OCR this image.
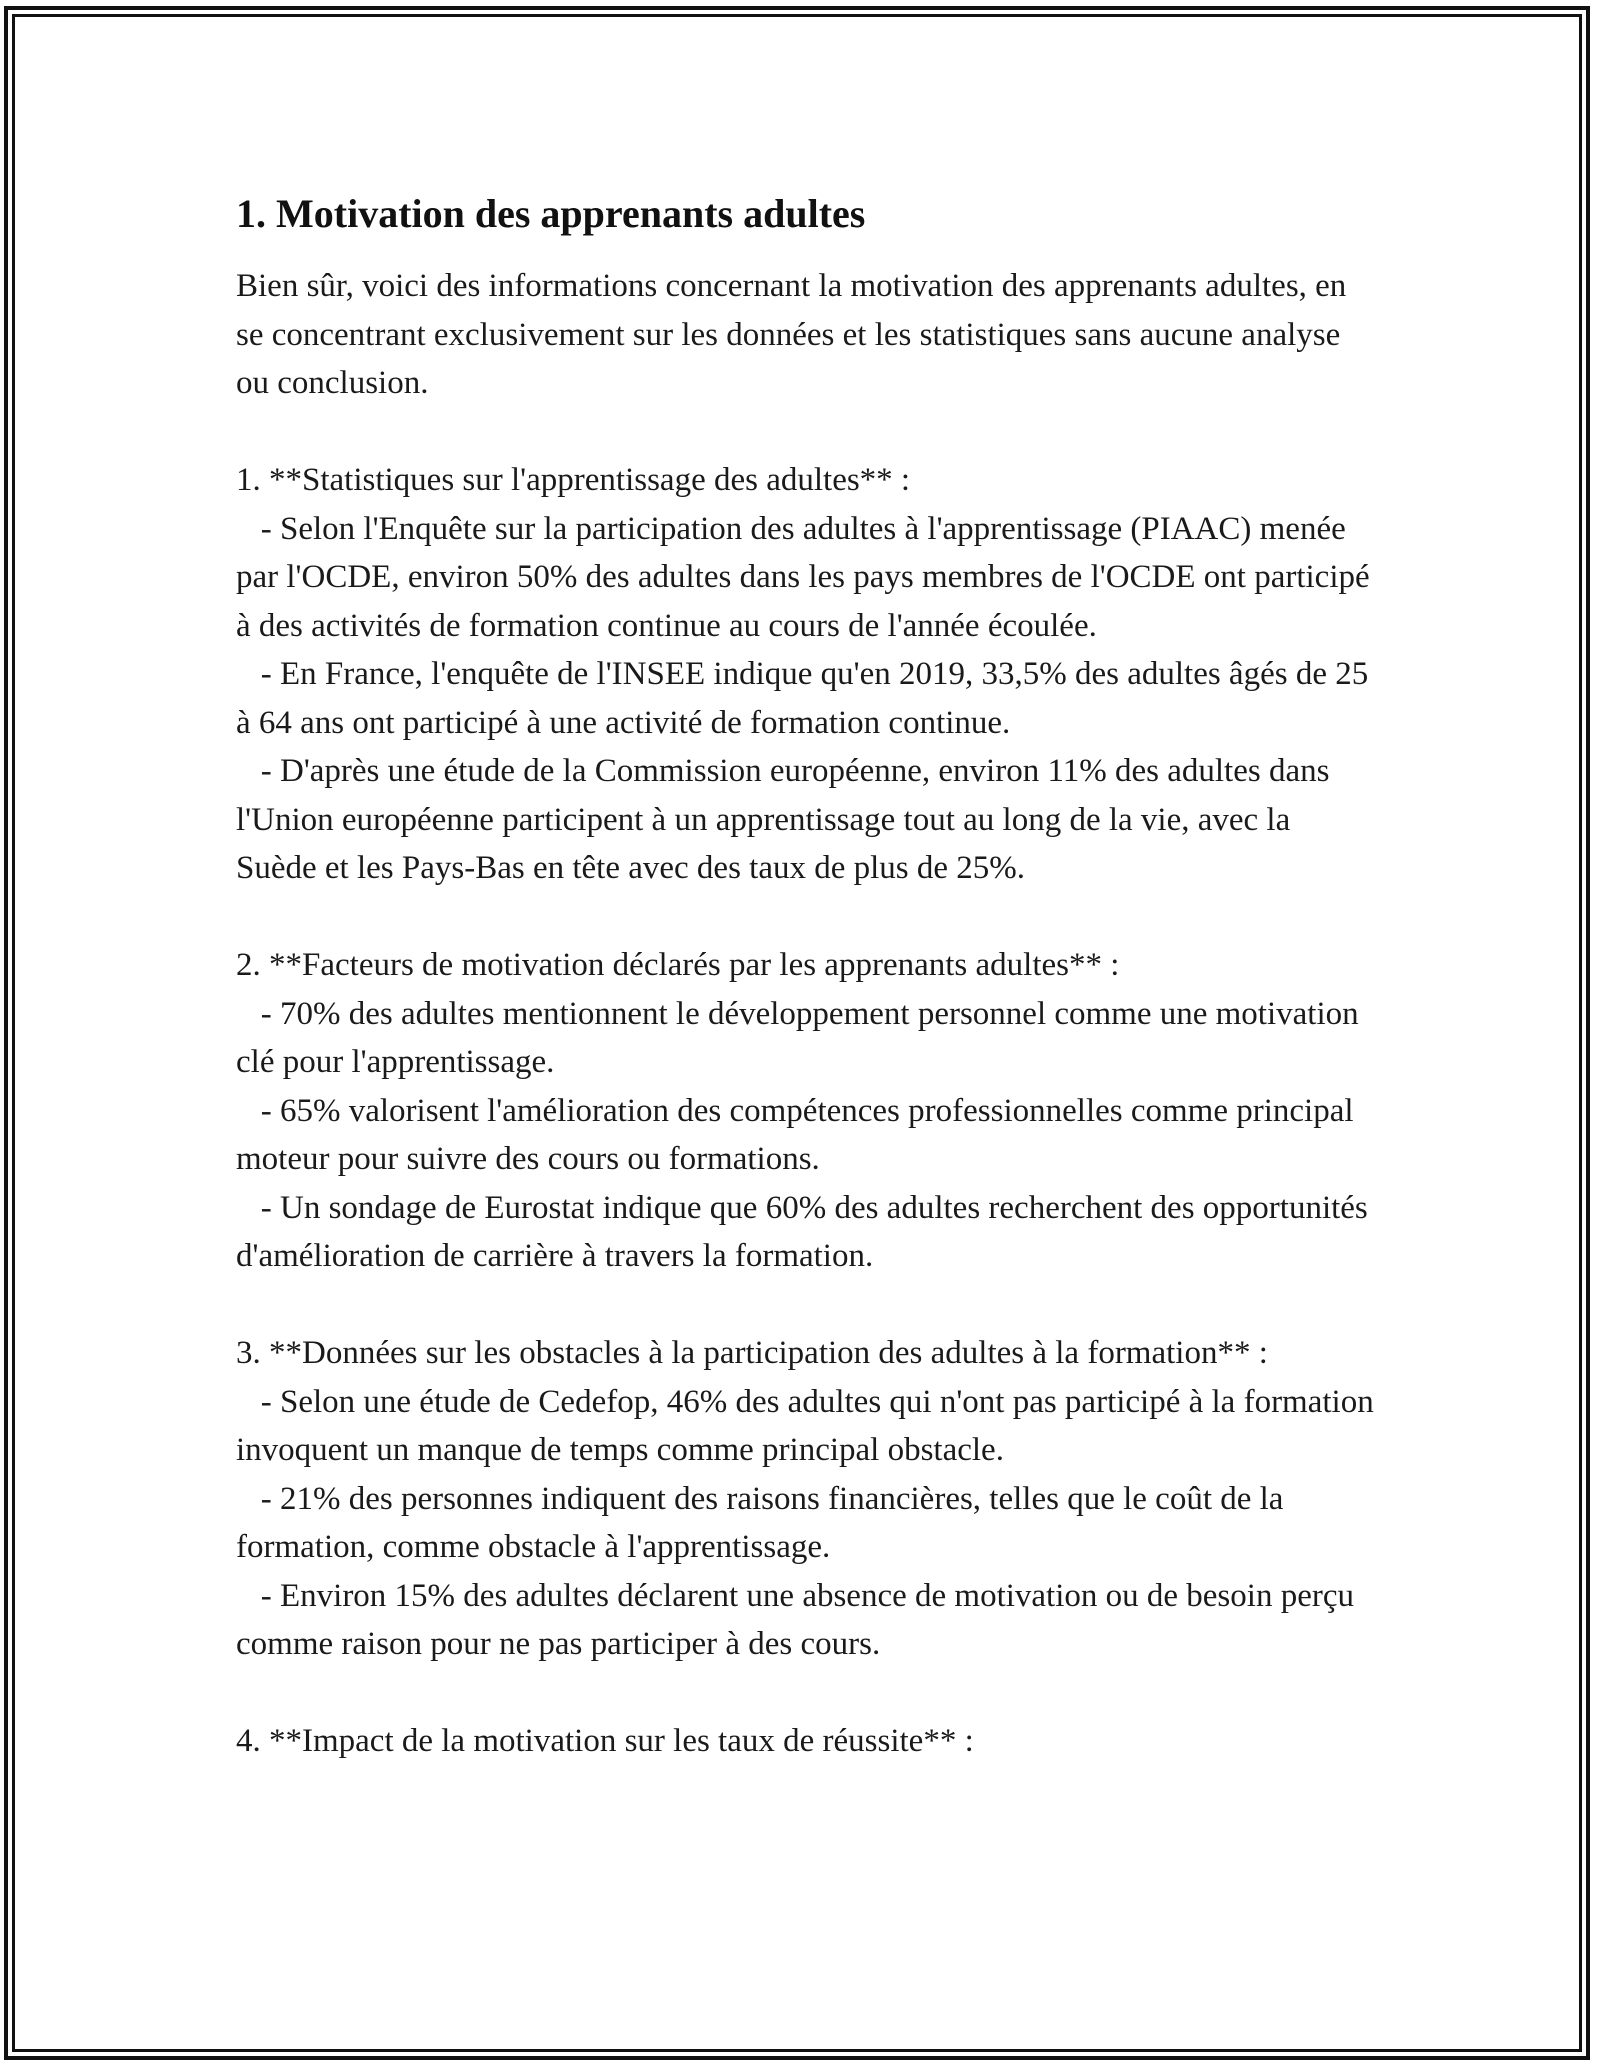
1. Motivation des apprenants adultes

Bien sûr, voici des informations concernant la motivation des apprenants adultes, en se concentrant exclusivement sur les données et les statistiques sans aucune analyse ou conclusion.

1. **Statistiques sur l'apprentissage des adultes** :
- Selon l'Enquête sur la participation des adultes à l'apprentissage (PIAAC) menée par l'OCDE, environ 50% des adultes dans les pays membres de l'OCDE ont participé à des activités de formation continue au cours de l'année écoulée.
- En France, l'enquête de l'INSEE indique qu'en 2019, 33,5% des adultes âgés de 25 à 64 ans ont participé à une activité de formation continue.
- D'après une étude de la Commission européenne, environ 11% des adultes dans l'Union européenne participent à un apprentissage tout au long de la vie, avec la Suède et les Pays-Bas en tête avec des taux de plus de 25%.

2. **Facteurs de motivation déclarés par les apprenants adultes** :
- 70% des adultes mentionnent le développement personnel comme une motivation clé pour l'apprentissage.
- 65% valorisent l'amélioration des compétences professionnelles comme principal moteur pour suivre des cours ou formations.
- Un sondage de Eurostat indique que 60% des adultes recherchent des opportunités d'amélioration de carrière à travers la formation.

3. **Données sur les obstacles à la participation des adultes à la formation** :
- Selon une étude de Cedefop, 46% des adultes qui n'ont pas participé à la formation invoquent un manque de temps comme principal obstacle.
- 21% des personnes indiquent des raisons financières, telles que le coût de la formation, comme obstacle à l'apprentissage.
- Environ 15% des adultes déclarent une absence de motivation ou de besoin perçu comme raison pour ne pas participer à des cours.

4. **Impact de la motivation sur les taux de réussite** :
